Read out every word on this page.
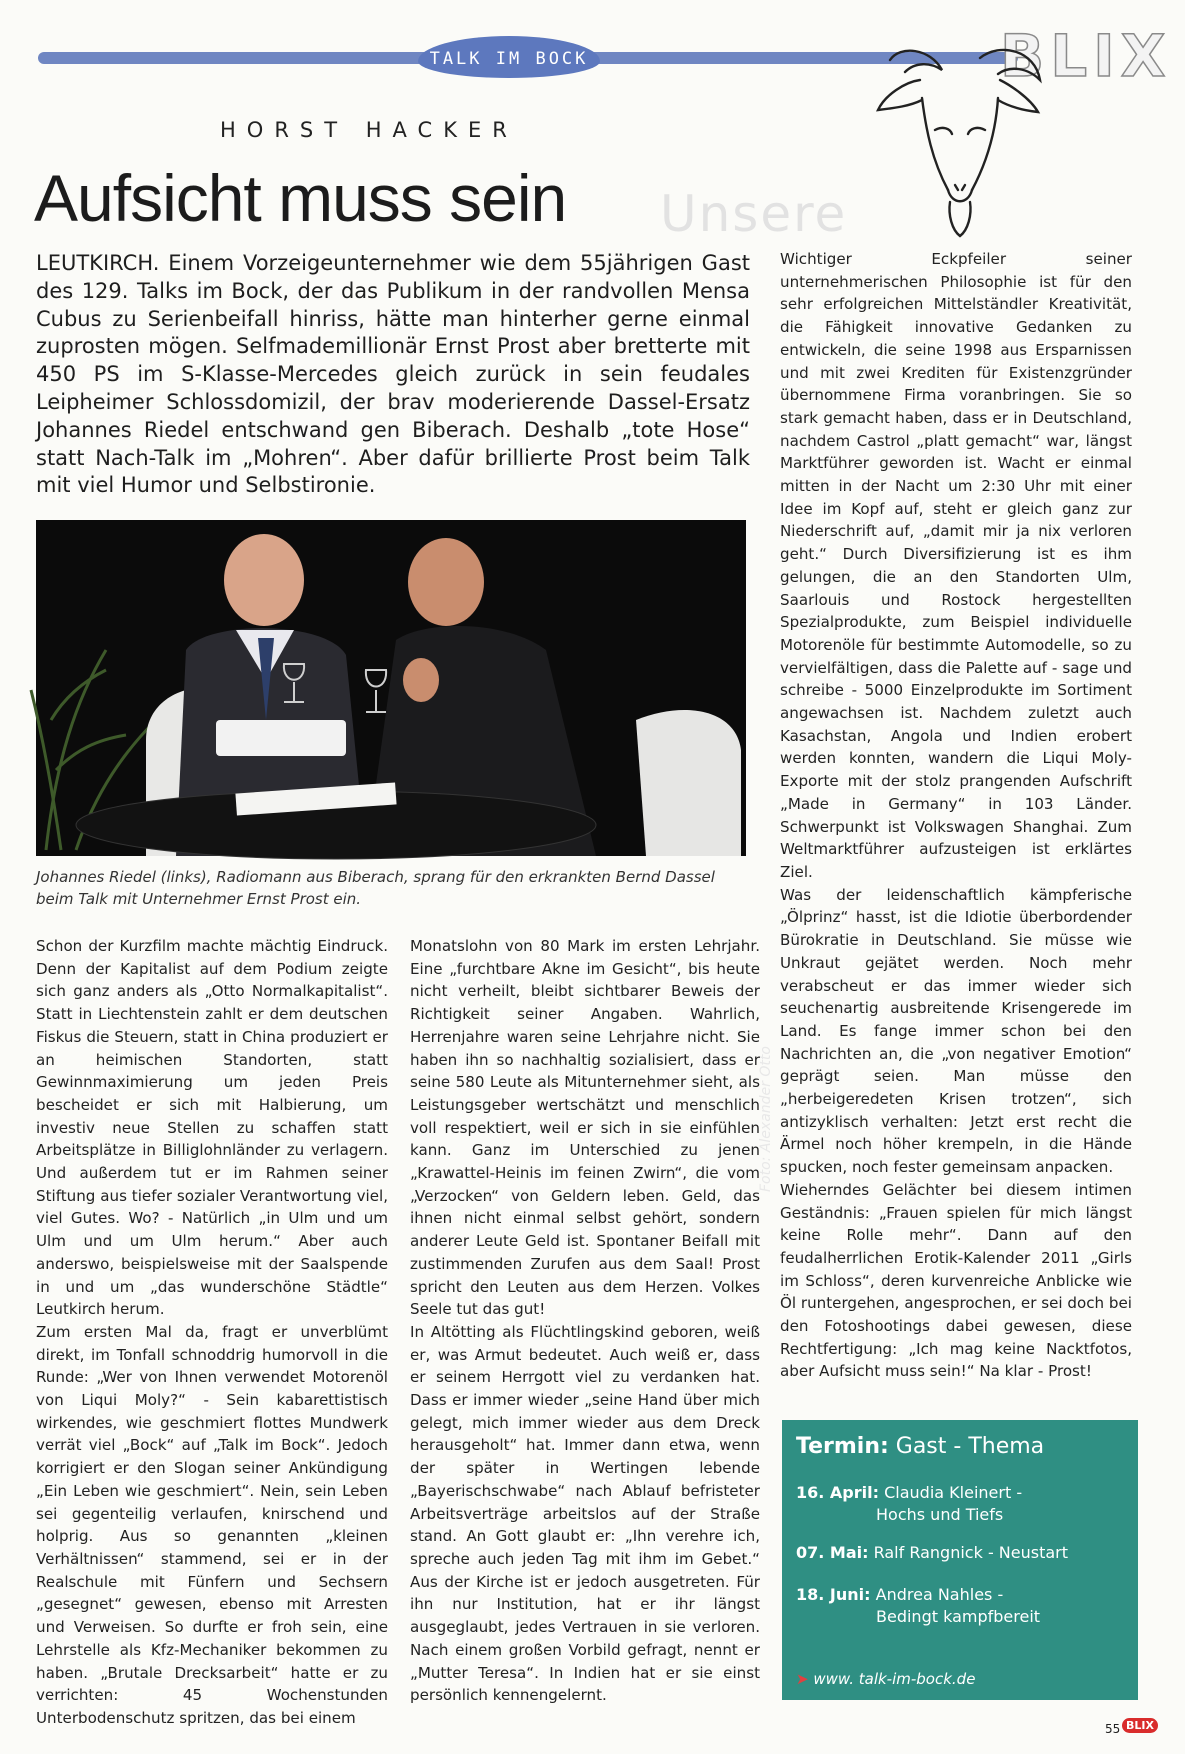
TALK IM BOCK
Unsere
BLIX
HORST HACKER
Aufsicht muss sein
LEUTKIRCH. Einem Vorzeigeunternehmer wie dem 55jährigen Gast des 129. Talks im Bock, der das Publikum in der randvollen Mensa Cubus zu Serienbeifall hinriss, hätte man hinterher gerne einmal zuprosten mögen. Selfmademillionär Ernst Prost aber bretterte mit 450 PS im S-Klasse-Mercedes gleich zurück in sein feudales Leipheimer Schlossdomizil, der brav moderierende Dassel-Ersatz Johannes Riedel entschwand gen Biberach. Deshalb „tote Hose“ statt Nach-Talk im „Mohren“. Aber dafür brillierte Prost beim Talk mit viel Humor und Selbstironie.
Foto: Alexander Otto
Johannes Riedel (links), Radiomann aus Biberach, sprang für den erkrankten Bernd Dassel beim Talk mit Unternehmer Ernst Prost ein.

Schon der Kurzfilm machte mächtig Eindruck. Denn der Kapitalist auf dem Podium zeigte sich ganz anders als „Otto Normalkapitalist“. Statt in Liechtenstein zahlt er dem deutschen Fiskus die Steuern, statt in China produziert er an heimischen Standorten, statt Gewinnmaximierung um jeden Preis bescheidet er sich mit Halbierung, um investiv neue Stellen zu schaffen statt Arbeitsplätze in Billiglohnländer zu verlagern. Und außerdem tut er im Rahmen seiner Stiftung aus tiefer sozialer Verantwortung viel, viel Gutes. Wo? - Natürlich „in Ulm und um Ulm und um Ulm herum.“ Aber auch anderswo, beispielsweise mit der Saalspende in und um „das wunderschöne Städtle“ Leutkirch herum.

Zum ersten Mal da, fragt er unverblümt direkt, im Tonfall schnoddrig humorvoll in die Runde: „Wer von Ihnen verwendet Motorenöl von Liqui Moly?“ - Sein kabarettistisch wirkendes, wie geschmiert flottes Mundwerk verrät viel „Bock“ auf „Talk im Bock“. Jedoch korrigiert er den Slogan seiner Ankündigung „Ein Leben wie geschmiert“. Nein, sein Leben sei gegenteilig verlaufen, knirschend und holprig. Aus so genannten „kleinen Verhältnissen“ stammend, sei er in der Realschule mit Fünfern und Sechsern „gesegnet“ gewesen, ebenso mit Arresten und Verweisen. So durfte er froh sein, eine Lehrstelle als Kfz-Mechaniker bekommen zu haben. „Brutale Drecksarbeit“ hatte er zu verrichten: 45 Wochenstunden Unterbodenschutz spritzen, das bei einem

Monatslohn von 80 Mark im ersten Lehrjahr. Eine „furchtbare Akne im Gesicht“, bis heute nicht verheilt, bleibt sichtbarer Beweis der Richtigkeit seiner Angaben. Wahrlich, Herrenjahre waren seine Lehrjahre nicht. Sie haben ihn so nachhaltig sozialisiert, dass er seine 580 Leute als Mitunternehmer sieht, als Leistungsgeber wertschätzt und menschlich voll respektiert, weil er sich in sie einfühlen kann. Ganz im Unterschied zu jenen „Krawattel-Heinis im feinen Zwirn“, die vom „Verzocken“ von Geldern leben. Geld, das ihnen nicht einmal selbst gehört, sondern anderer Leute Geld ist. Spontaner Beifall mit zustimmenden Zurufen aus dem Saal! Prost spricht den Leuten aus dem Herzen. Volkes Seele tut das gut!

In Altötting als Flüchtlingskind geboren, weiß er, was Armut bedeutet. Auch weiß er, dass er seinem Herrgott viel zu verdanken hat. Dass er immer wieder „seine Hand über mich gelegt, mich immer wieder aus dem Dreck herausgeholt“ hat. Immer dann etwa, wenn der später in Wertingen lebende „Bayerischschwabe“ nach Ablauf befristeter Arbeitsverträge arbeitslos auf der Straße stand. An Gott glaubt er: „Ihn verehre ich, spreche auch jeden Tag mit ihm im Gebet.“ Aus der Kirche ist er jedoch ausgetreten. Für ihn nur Institution, hat er ihr längst ausgeglaubt, jedes Vertrauen in sie verloren. Nach einem großen Vorbild gefragt, nennt er „Mutter Teresa“. In Indien hat er sie einst persönlich kennengelernt.

Wichtiger Eckpfeiler seiner unternehmerischen Philosophie ist für den sehr erfolgreichen Mittelständler Kreativität, die Fähigkeit innovative Gedanken zu entwickeln, die seine 1998 aus Ersparnissen und mit zwei Krediten für Existenzgründer übernommene Firma voranbringen. Sie so stark gemacht haben, dass er in Deutschland, nachdem Castrol „platt gemacht“ war, längst Marktführer geworden ist. Wacht er einmal mitten in der Nacht um 2:30 Uhr mit einer Idee im Kopf auf, steht er gleich ganz zur Niederschrift auf, „damit mir ja nix verloren geht.“ Durch Diversifizierung ist es ihm gelungen, die an den Standorten Ulm, Saarlouis und Rostock hergestellten Spezialprodukte, zum Beispiel individuelle Motorenöle für bestimmte Automodelle, so zu vervielfältigen, dass die Palette auf - sage und schreibe - 5000 Einzelprodukte im Sortiment angewachsen ist. Nachdem zuletzt auch Kasachstan, Angola und Indien erobert werden konnten, wandern die Liqui Moly-Exporte mit der stolz prangenden Aufschrift „Made in Germany“ in 103 Länder. Schwerpunkt ist Volkswagen Shanghai. Zum Weltmarktführer aufzusteigen ist erklärtes Ziel.

Was der leidenschaftlich kämpferische „Ölprinz“ hasst, ist die Idiotie überbordender Bürokratie in Deutschland. Sie müsse wie Unkraut gejätet werden. Noch mehr verabscheut er das immer wieder sich seuchenartig ausbreitende Krisengerede im Land. Es fange immer schon bei den Nachrichten an, die „von negativer Emotion“ geprägt seien. Man müsse den „herbeigeredeten Krisen trotzen“, sich antizyklisch verhalten: Jetzt erst recht die Ärmel noch höher krempeln, in die Hände spucken, noch fester gemeinsam anpacken.

Wieherndes Gelächter bei diesem intimen Geständnis: „Frauen spielen für mich längst keine Rolle mehr“. Dann auf den feudalherrlichen Erotik-Kalender 2011 „Girls im Schloss“, deren kurvenreiche Anblicke wie Öl runtergehen, angesprochen, er sei doch bei den Fotoshootings dabei gewesen, diese Rechtfertigung: „Ich mag keine Nacktfotos, aber Aufsicht muss sein!“ Na klar - Prost!

Termin: Gast - Thema
16. April: Claudia Kleinert -
Hochs und Tiefs
07. Mai: Ralf Rangnick - Neustart
18. Juni: Andrea Nahles -
Bedingt kampfbereit
➤ www. talk-im-bock.de
55 BLIX
